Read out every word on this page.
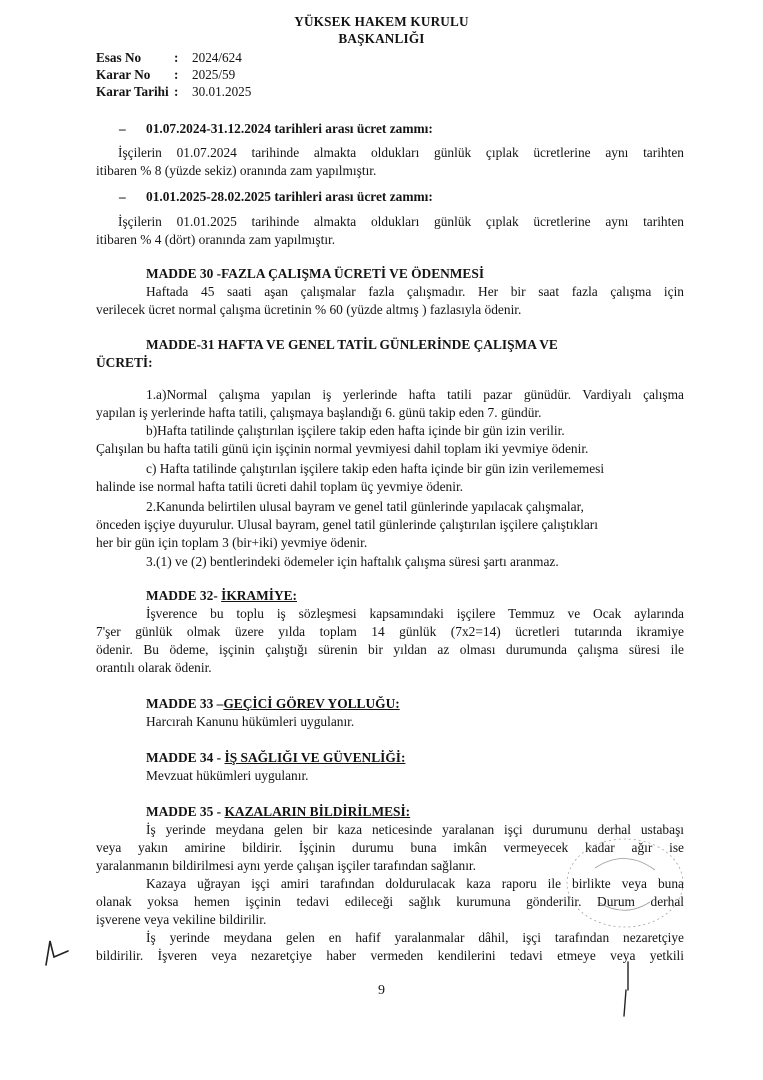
YÜKSEK HAKEM KURULU
BAŞKANLIĞI
Esas No : 2024/624
Karar No : 2025/59
Karar Tarihi : 30.01.2025
– 01.07.2024-31.12.2024 tarihleri arası ücret zammı:
İşçilerin 01.07.2024 tarihinde almakta oldukları günlük çıplak ücretlerine aynı tarihten
itibaren % 8 (yüzde sekiz) oranında zam yapılmıştır.
– 01.01.2025-28.02.2025 tarihleri arası ücret zammı:
İşçilerin 01.01.2025 tarihinde almakta oldukları günlük çıplak ücretlerine aynı tarihten
itibaren % 4 (dört) oranında zam yapılmıştır.
MADDE 30 -FAZLA ÇALIŞMA ÜCRETİ VE ÖDENMESİ
Haftada 45 saati aşan çalışmalar fazla çalışmadır. Her bir saat fazla çalışma için
verilecek ücret normal çalışma ücretinin % 60 (yüzde altmış ) fazlasıyla ödenir.
MADDE-31 HAFTA VE GENEL TATİL GÜNLERİNDE ÇALIŞMA VE
ÜCRETİ:
1.a)Normal çalışma yapılan iş yerlerinde hafta tatili pazar günüdür. Vardiyalı çalışma
yapılan iş yerlerinde hafta tatili, çalışmaya başlandığı 6. günü takip eden 7. gündür.
b)Hafta tatilinde çalıştırılan işçilere takip eden hafta içinde bir gün izin verilir.
Çalışılan bu hafta tatili günü için işçinin normal yevmiyesi dahil toplam iki yevmiye ödenir.
c) Hafta tatilinde çalıştırılan işçilere takip eden hafta içinde bir gün izin verilememesi
halinde ise normal hafta tatili ücreti dahil toplam üç yevmiye ödenir.
2.Kanunda belirtilen ulusal bayram ve genel tatil günlerinde yapılacak çalışmalar,
önceden işçiye duyurulur. Ulusal bayram, genel tatil günlerinde çalıştırılan işçilere çalıştıkları
her bir gün için toplam 3 (bir+iki) yevmiye ödenir.
3.(1) ve (2) bentlerindeki ödemeler için haftalık çalışma süresi şartı aranmaz.
MADDE 32- İKRAMİYE:
İşverence bu toplu iş sözleşmesi kapsamındaki işçilere Temmuz ve Ocak aylarında
7'şer günlük olmak üzere yılda toplam 14 günlük (7x2=14) ücretleri tutarında ikramiye
ödenir. Bu ödeme, işçinin çalıştığı sürenin bir yıldan az olması durumunda çalışma süresi ile
orantılı olarak ödenir.
MADDE 33 –GEÇİCİ GÖREV YOLLUĞU:
Harcırah Kanunu hükümleri uygulanır.
MADDE 34 - İŞ SAĞLIĞI VE GÜVENLİĞİ:
Mevzuat hükümleri uygulanır.
MADDE 35 - KAZALARIN BİLDİRİLMESİ:
İş yerinde meydana gelen bir kaza neticesinde yaralanan işçi durumunu derhal ustabaşı
veya yakın amirine bildirir. İşçinin durumu buna imkân vermeyecek kadar ağır ise
yaralanmanın bildirilmesi aynı yerde çalışan işçiler tarafından sağlanır.
Kazaya uğrayan işçi amiri tarafından doldurulacak kaza raporu ile birlikte veya buna
olanak yoksa hemen işçinin tedavi edileceği sağlık kurumuna gönderilir. Durum derhal
işverene veya vekiline bildirilir.
İş yerinde meydana gelen en hafif yaralanmalar dâhil, işçi tarafından nezaretçiye
bildirilir. İşveren veya nezaretçiye haber vermeden kendilerini tedavi etmeye veya yetkili
9
